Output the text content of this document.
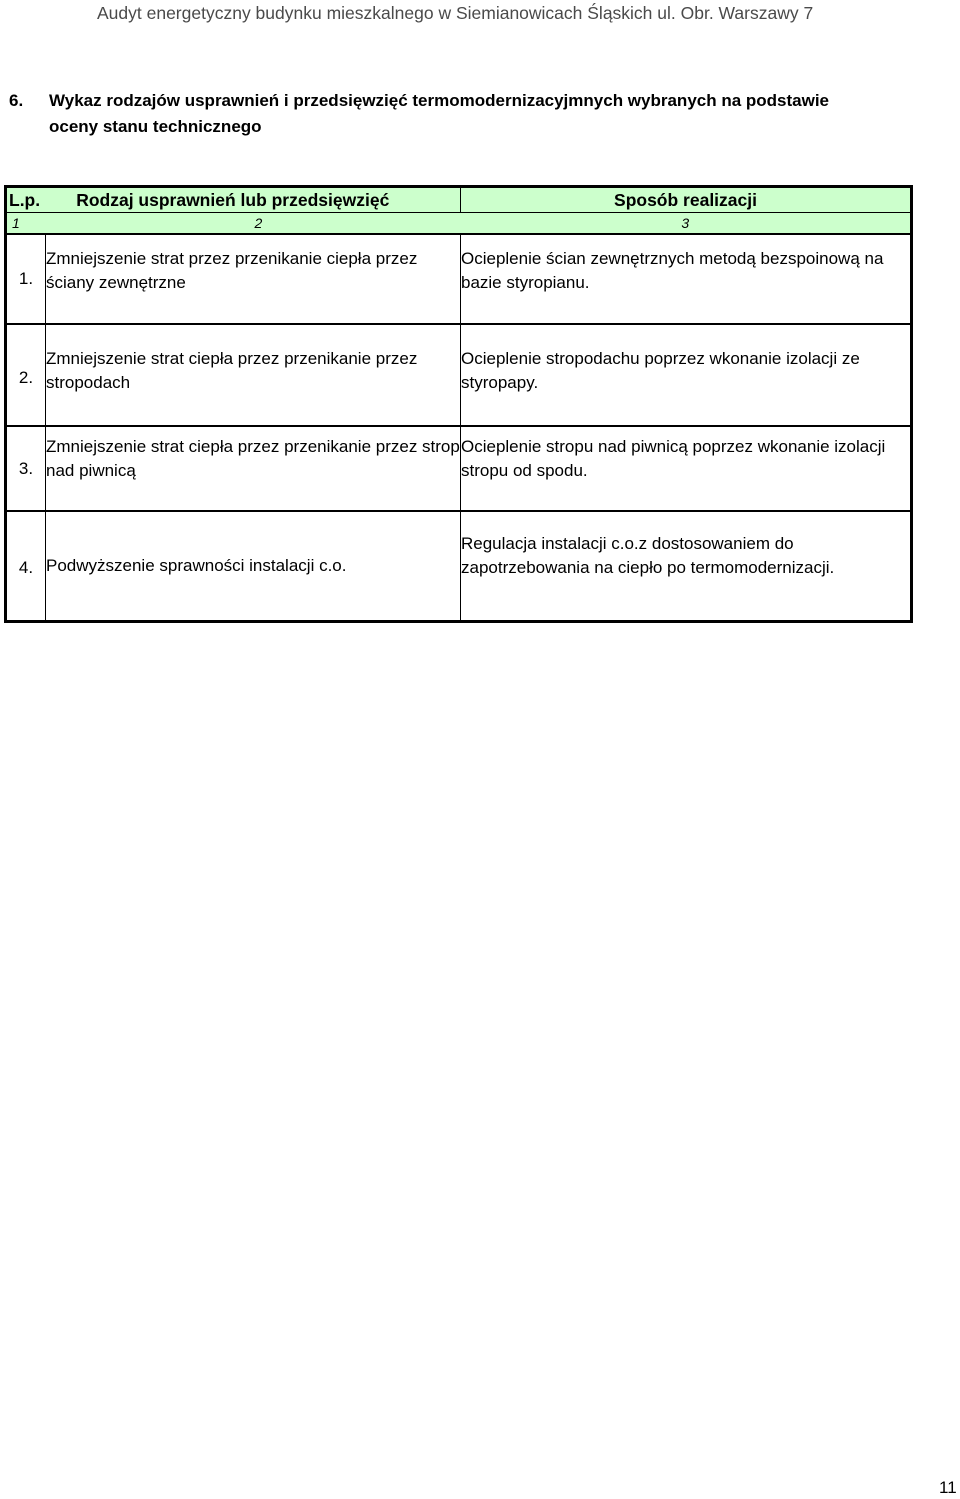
Audyt energetyczny budynku mieszkalnego w Siemianowicach Śląskich ul. Obr. Warszawy 7
6. Wykaz rodzajów usprawnień i przedsięwzięć termomodernizacyjmnych wybranych na podstawie oceny stanu technicznego
L.p.	Rodzaj usprawnień lub przedsięwzięć	Sposób realizacji
1	2	3
1.	Zmniejszenie strat przez przenikanie ciepła przez ściany zewnętrzne	Ocieplenie ścian zewnętrznych metodą bezspoinową na bazie styropianu.
2.	Zmniejszenie strat ciepła przez przenikanie przez stropodach	Ocieplenie stropodachu poprzez wkonanie izolacji ze styropapy.
3.	Zmniejszenie strat ciepła przez przenikanie przez strop nad piwnicą	Ocieplenie stropu nad piwnicą poprzez wkonanie izolacji stropu od spodu.
4.	Podwyższenie sprawności instalacji c.o.	Regulacja instalacji c.o.z dostosowaniem do zapotrzebowania na ciepło po termomodernizacji.
11
